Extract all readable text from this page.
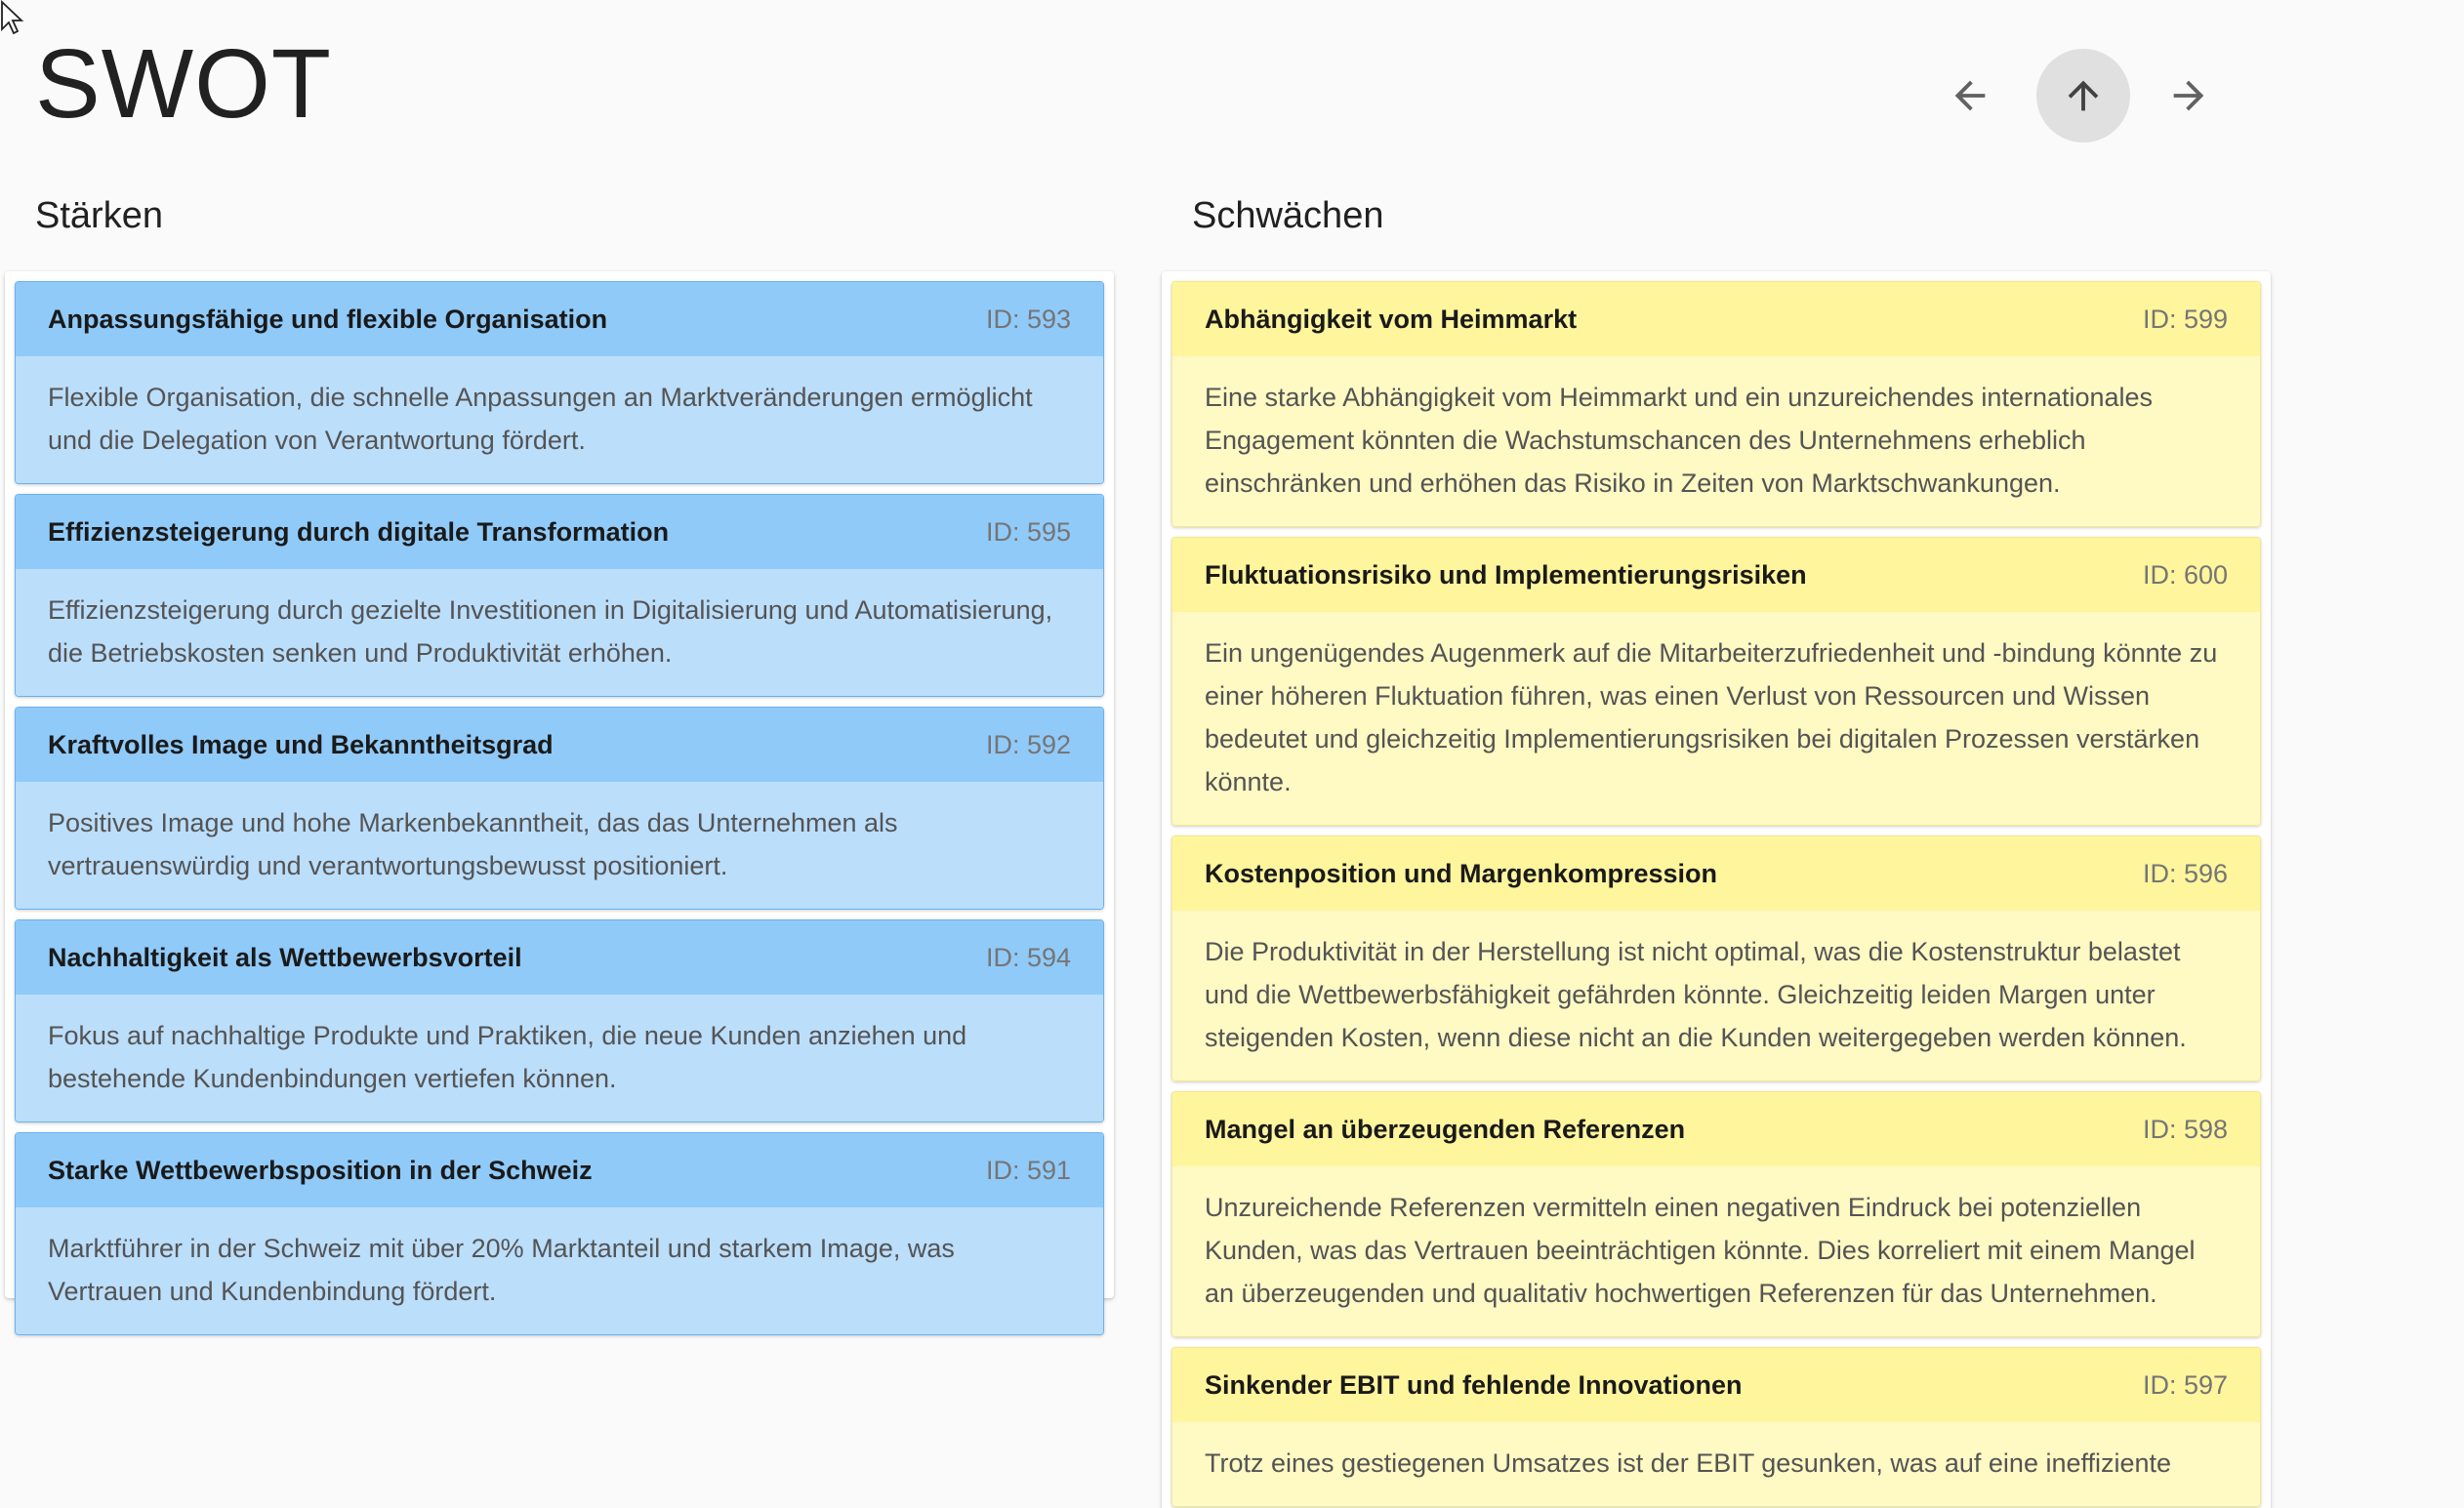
SWOT
Stärken	Schwächen
Anpassungsfähige und flexible Organisation	ID: 593
Flexible Organisation, die schnelle Anpassungen an Marktveränderungen ermöglicht und die Delegation von Verantwortung fördert.
Effizienzsteigerung durch digitale Transformation	ID: 595
Effizienzsteigerung durch gezielte Investitionen in Digitalisierung und Automatisierung, die Betriebskosten senken und Produktivität erhöhen.
Kraftvolles Image und Bekanntheitsgrad	ID: 592
Positives Image und hohe Markenbekanntheit, das das Unternehmen als vertrauenswürdig und verantwortungsbewusst positioniert.
Nachhaltigkeit als Wettbewerbsvorteil	ID: 594
Fokus auf nachhaltige Produkte und Praktiken, die neue Kunden anziehen und bestehende Kundenbindungen vertiefen können.
Starke Wettbewerbsposition in der Schweiz	ID: 591
Marktführer in der Schweiz mit über 20% Marktanteil und starkem Image, was Vertrauen und Kundenbindung fördert.
Abhängigkeit vom Heimmarkt	ID: 599
Eine starke Abhängigkeit vom Heimmarkt und ein unzureichendes internationales Engagement könnten die Wachstumschancen des Unternehmens erheblich einschränken und erhöhen das Risiko in Zeiten von Marktschwankungen.
Fluktuationsrisiko und Implementierungsrisiken	ID: 600
Ein ungenügendes Augenmerk auf die Mitarbeiterzufriedenheit und -bindung könnte zu einer höheren Fluktuation führen, was einen Verlust von Ressourcen und Wissen bedeutet und gleichzeitig Implementierungsrisiken bei digitalen Prozessen verstärken könnte.
Kostenposition und Margenkompression	ID: 596
Die Produktivität in der Herstellung ist nicht optimal, was die Kostenstruktur belastet und die Wettbewerbsfähigkeit gefährden könnte. Gleichzeitig leiden Margen unter steigenden Kosten, wenn diese nicht an die Kunden weitergegeben werden können.
Mangel an überzeugenden Referenzen	ID: 598
Unzureichende Referenzen vermitteln einen negativen Eindruck bei potenziellen Kunden, was das Vertrauen beeinträchtigen könnte. Dies korreliert mit einem Mangel an überzeugenden und qualitativ hochwertigen Referenzen für das Unternehmen.
Sinkender EBIT und fehlende Innovationen	ID: 597
Trotz eines gestiegenen Umsatzes ist der EBIT gesunken, was auf eine ineffiziente
